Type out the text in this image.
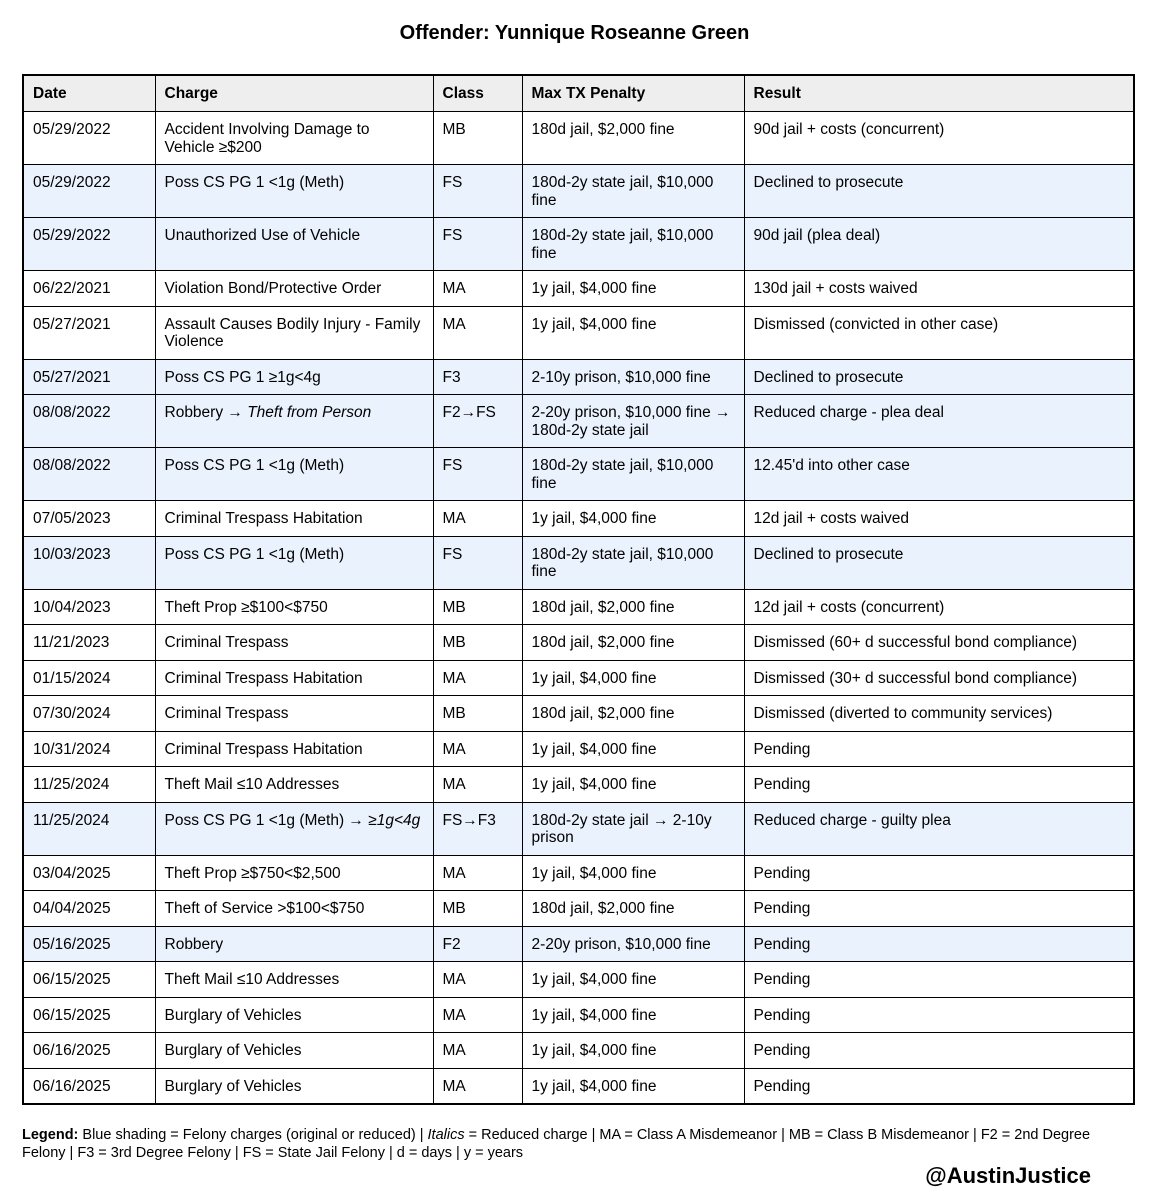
Offender: Yunnique Roseanne Green
Date	Charge	Class	Max TX Penalty	Result
05/29/2022	Accident Involving Damage to Vehicle ≥$200	MB	180d jail, $2,000 fine	90d jail + costs (concurrent)
05/29/2022	Poss CS PG 1 <1g (Meth)	FS	180d-2y state jail, $10,000 fine	Declined to prosecute
05/29/2022	Unauthorized Use of Vehicle	FS	180d-2y state jail, $10,000 fine	90d jail (plea deal)
06/22/2021	Violation Bond/Protective Order	MA	1y jail, $4,000 fine	130d jail + costs waived
05/27/2021	Assault Causes Bodily Injury - Family Violence	MA	1y jail, $4,000 fine	Dismissed (convicted in other case)
05/27/2021	Poss CS PG 1 ≥1g<4g	F3	2-10y prison, $10,000 fine	Declined to prosecute
08/08/2022	Robbery → Theft from Person	F2→FS	2-20y prison, $10,000 fine → 180d-2y state jail	Reduced charge - plea deal
08/08/2022	Poss CS PG 1 <1g (Meth)	FS	180d-2y state jail, $10,000 fine	12.45'd into other case
07/05/2023	Criminal Trespass Habitation	MA	1y jail, $4,000 fine	12d jail + costs waived
10/03/2023	Poss CS PG 1 <1g (Meth)	FS	180d-2y state jail, $10,000 fine	Declined to prosecute
10/04/2023	Theft Prop ≥$100<$750	MB	180d jail, $2,000 fine	12d jail + costs (concurrent)
11/21/2023	Criminal Trespass	MB	180d jail, $2,000 fine	Dismissed (60+ d successful bond compliance)
01/15/2024	Criminal Trespass Habitation	MA	1y jail, $4,000 fine	Dismissed (30+ d successful bond compliance)
07/30/2024	Criminal Trespass	MB	180d jail, $2,000 fine	Dismissed (diverted to community services)
10/31/2024	Criminal Trespass Habitation	MA	1y jail, $4,000 fine	Pending
11/25/2024	Theft Mail ≤10 Addresses	MA	1y jail, $4,000 fine	Pending
11/25/2024	Poss CS PG 1 <1g (Meth) → ≥1g<4g	FS→F3	180d-2y state jail → 2-10y prison	Reduced charge - guilty plea
03/04/2025	Theft Prop ≥$750<$2,500	MA	1y jail, $4,000 fine	Pending
04/04/2025	Theft of Service >$100<$750	MB	180d jail, $2,000 fine	Pending
05/16/2025	Robbery	F2	2-20y prison, $10,000 fine	Pending
06/15/2025	Theft Mail ≤10 Addresses	MA	1y jail, $4,000 fine	Pending
06/15/2025	Burglary of Vehicles	MA	1y jail, $4,000 fine	Pending
06/16/2025	Burglary of Vehicles	MA	1y jail, $4,000 fine	Pending
06/16/2025	Burglary of Vehicles	MA	1y jail, $4,000 fine	Pending
Legend: Blue shading = Felony charges (original or reduced) | Italics = Reduced charge | MA = Class A Misdemeanor | MB = Class B Misdemeanor | F2 = 2nd Degree Felony | F3 = 3rd Degree Felony | FS = State Jail Felony | d = days | y = years
@AustinJustice
